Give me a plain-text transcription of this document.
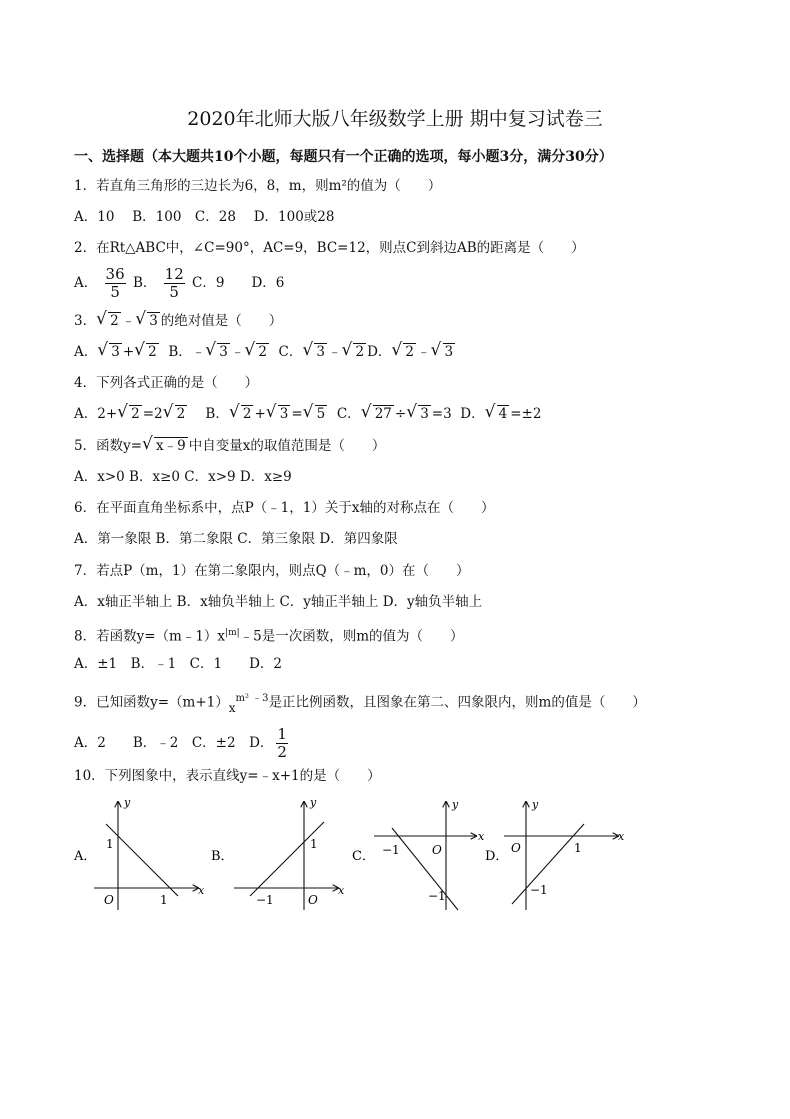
2020年北师大版八年级数学上册 期中复习试卷三
一、选择题（本大题共10个小题，每题只有一个正确的选项，每小题3分，满分30分）
1．若直角三角形的三边长为6，8，m，则m²的值为（　　）
A．10　 B．100　C．28　 D．100或28
2．在Rt△ABC中，∠C=90°，AC=9，BC=12，则点C到斜边AB的距离是（　　）
A． $\frac{36}{5}$ B． $\frac{12}{5}$ C．9　　D．6
3． √ 2 ﹣ √ 3 的绝对值是（　　）
A． √ 3 + √ 2 B．﹣ √ 3 ﹣ √ 2 C． √ 3 ﹣ √ 2 D． √ 2 ﹣ √ 3
4．下列各式正确的是（　　）
A．2+ √ 2 =2 √ 2 B． √ 2 + √ 3 = √ 5 C． √ 27 ÷ √ 3 =3 D． √ 4 =±2
5．函数y= √ x﹣9 中自变量x的取值范围是（　　）
A．x>0 B．x≥0 C．x>9 D．x≥9
6．在平面直角坐标系中，点P（﹣1，1）关于x轴的对称点在（　　）
A．第一象限 B．第二象限 C．第三象限 D．第四象限
7．若点P（m，1）在第二象限内，则点Q（﹣m，0）在（　　）
A．x轴正半轴上 B．x轴负半轴上 C．y轴正半轴上 D．y轴负半轴上
8．若函数$y=(m﹣1)x^{|m|}﹣5$是一次函数，则m的值为（　　）
A．±1　B．﹣1　C．1　　D．2
9．已知函数$y=(m+1)x^{m^2 ﹣3}$是正比例函数，且图象在第二、四象限内，则m的值是（　　）
A．2　　B．﹣2　C．±2　D． $\frac{1}{2}$
10．下列图象中，表示直线y=﹣x+1的是（　　）
A．
y
x
1
O	1
B．
y
x
1
−1	O
C．
y
x
−1	O
−1
D．
y
x
O	1
−1
